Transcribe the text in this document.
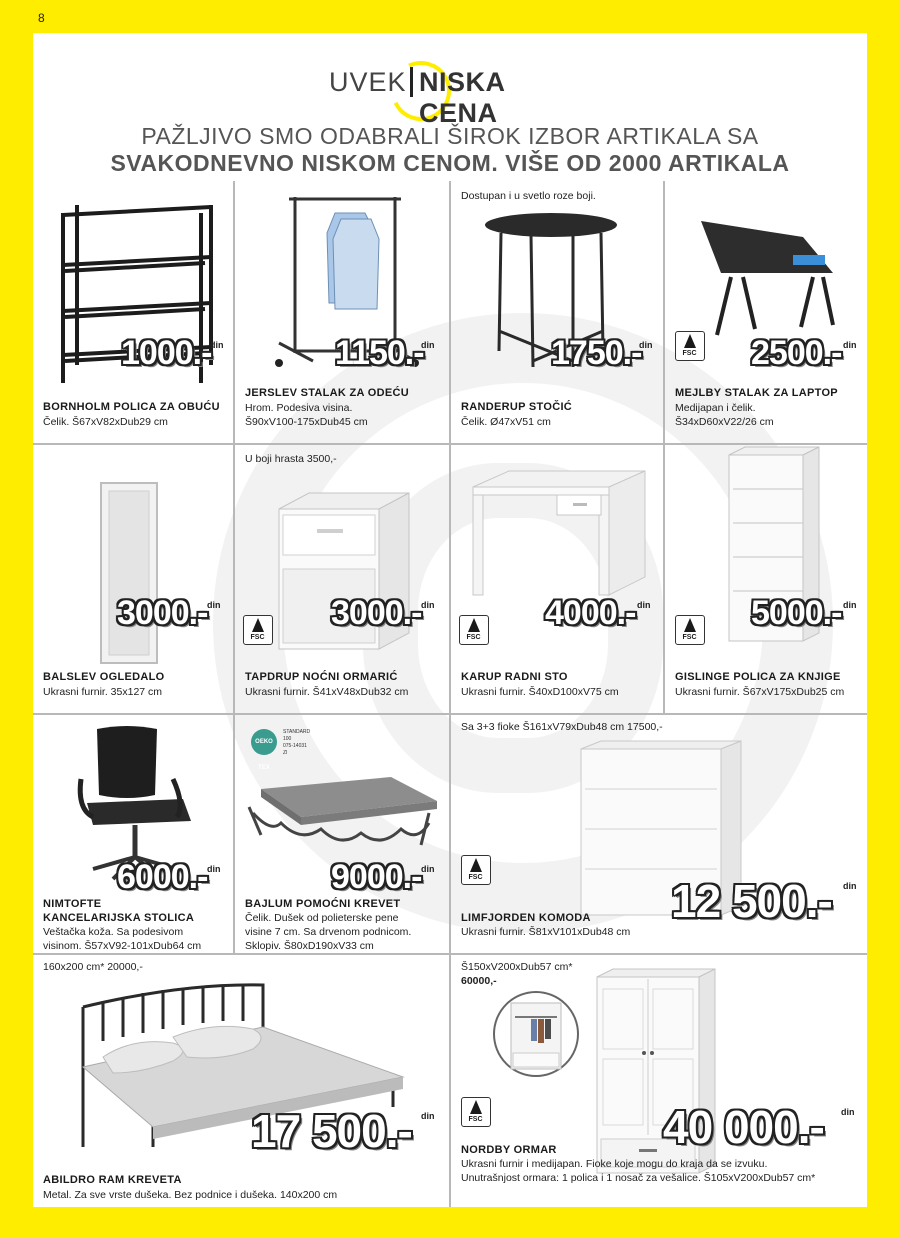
8
UVEK NISKA CENA
PAŽLJIVO SMO ODABRALI ŠIROK IZBOR ARTIKALA SA
SVAKODNEVNO NISKOM CENOM. VIŠE OD 2000 ARTIKALA
1000.-
din
BORNHOLM POLICA ZA OBUĆU
Čelik. Š67xV82xDub29 cm
1150.-
din
JERSLEV STALAK ZA ODEĆU
Hrom. Podesiva visina.
Š90xV100-175xDub45 cm
Dostupan i u svetlo roze boji.
1750.-
din
RANDERUP STOČIĆ
Čelik. Ø47xV51 cm
FSC 2500.- din
MEJLBY STALAK ZA LAPTOP
Medijapan i čelik.
Š34xD60xV22/26 cm
3000.- din
BALSLEV OGLEDALO
Ukrasni furnir. 35x127 cm
U boji hrasta 3500,-
FSC
3000.- din
TAPDRUP NOĆNI ORMARIĆ
Ukrasni furnir. Š41xV48xDub32 cm
FSC
4000.- din
KARUP RADNI STO
Ukrasni furnir. Š40xD100xV75 cm
FSC
5000.- din
GISLINGE POLICA ZA KNJIGE
Ukrasni furnir. Š67xV175xDub25 cm
6000.- din
NIMTOFTE
KANCELARIJSKA STOLICA
Veštačka koža. Sa podesivom
visinom. Š57xV92-101xDub64 cm
OEKO TEX
STANDARD
100
075-14031
ZI
9000.- din
BAJLUM POMOĆNI KREVET
Čelik. Dušek od polieterske pene
visine 7 cm. Sa drvenom podnicom.
Sklopiv. Š80xD190xV33 cm
Sa 3+3 fioke Š161xV79xDub48 cm 17500,-
FSC	12 500.- din
LIMFJORDEN KOMODA
Ukrasni furnir. Š81xV101xDub48 cm
160x200 cm* 20000,-
17 500.- din
ABILDRO RAM KREVETA
Metal. Za sve vrste dušeka. Bez podnice i dušeka. 140x200 cm
Š150xV200xDub57 cm*
60000,-
FSC	40 000.- din
NORDBY ORMAR
Ukrasni furnir i medijapan. Fioke koje mogu do kraja da se izvuku.
Unutrašnjost ormara: 1 polica i 1 nosač za vešalice. Š105xV200xDub57 cm*
